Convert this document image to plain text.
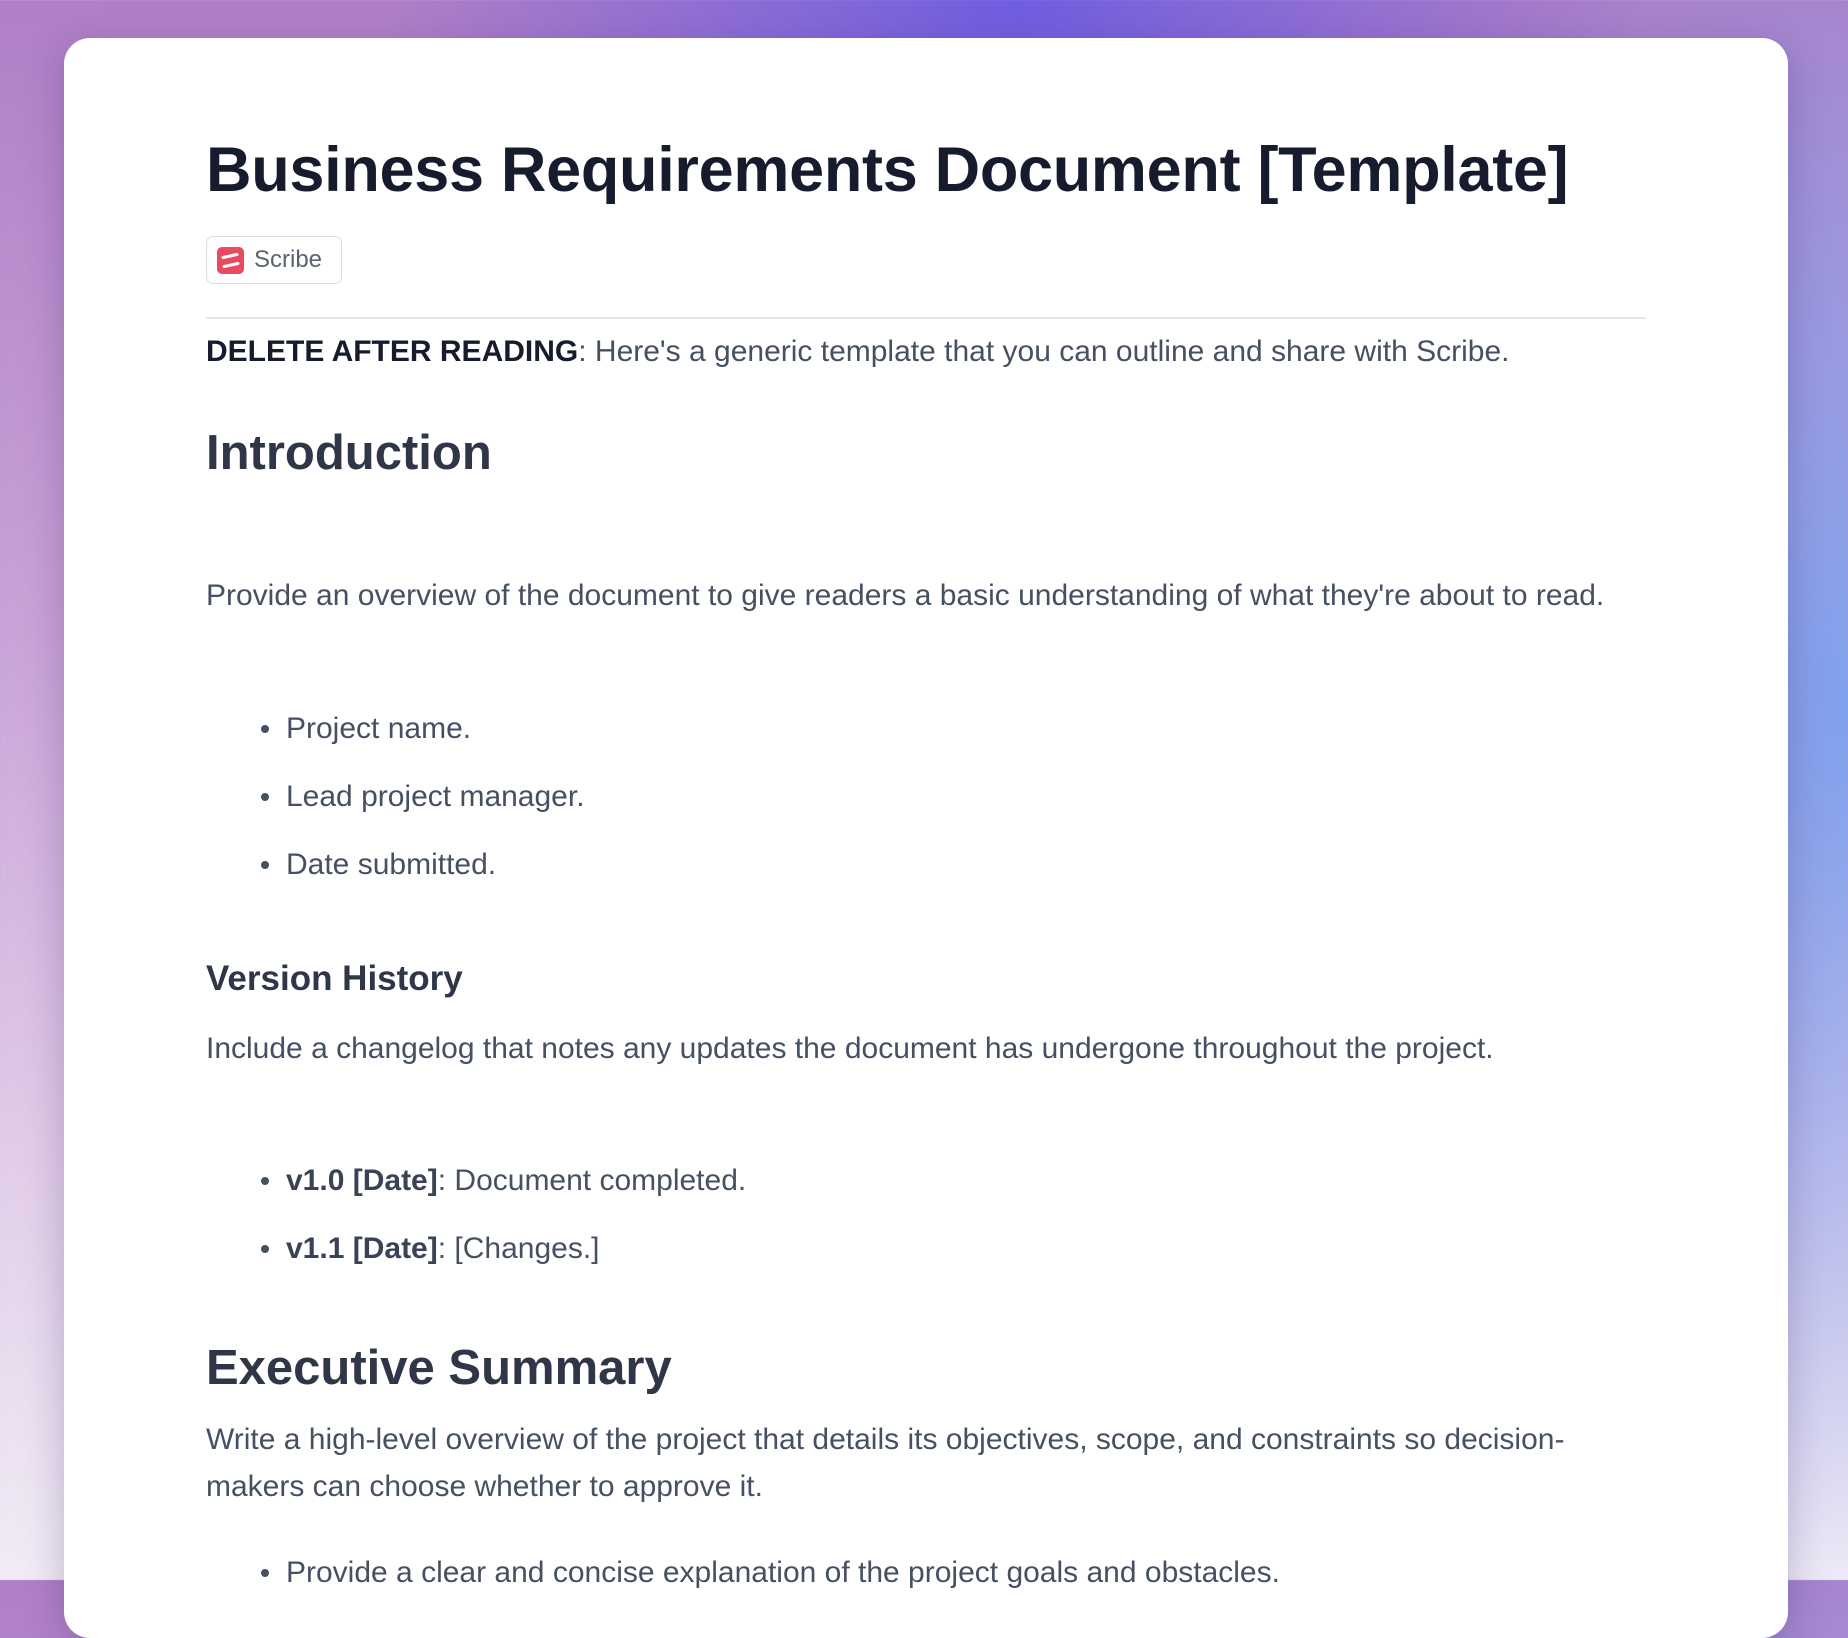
Business Requirements Document [Template]
Scribe

DELETE AFTER READING: Here's a generic template that you can outline and share with Scribe.

Introduction

Provide an overview of the document to give readers a basic understanding of what they're about to read.

Project name.
Lead project manager.
Date submitted.
Version History

Include a changelog that notes any updates the document has undergone throughout the project.

v1.0 [Date]: Document completed.
v1.1 [Date]: [Changes.]
Executive Summary

Write a high-level overview of the project that details its objectives, scope, and constraints so decision-makers can choose whether to approve it.

Provide a clear and concise explanation of the project goals and obstacles.
